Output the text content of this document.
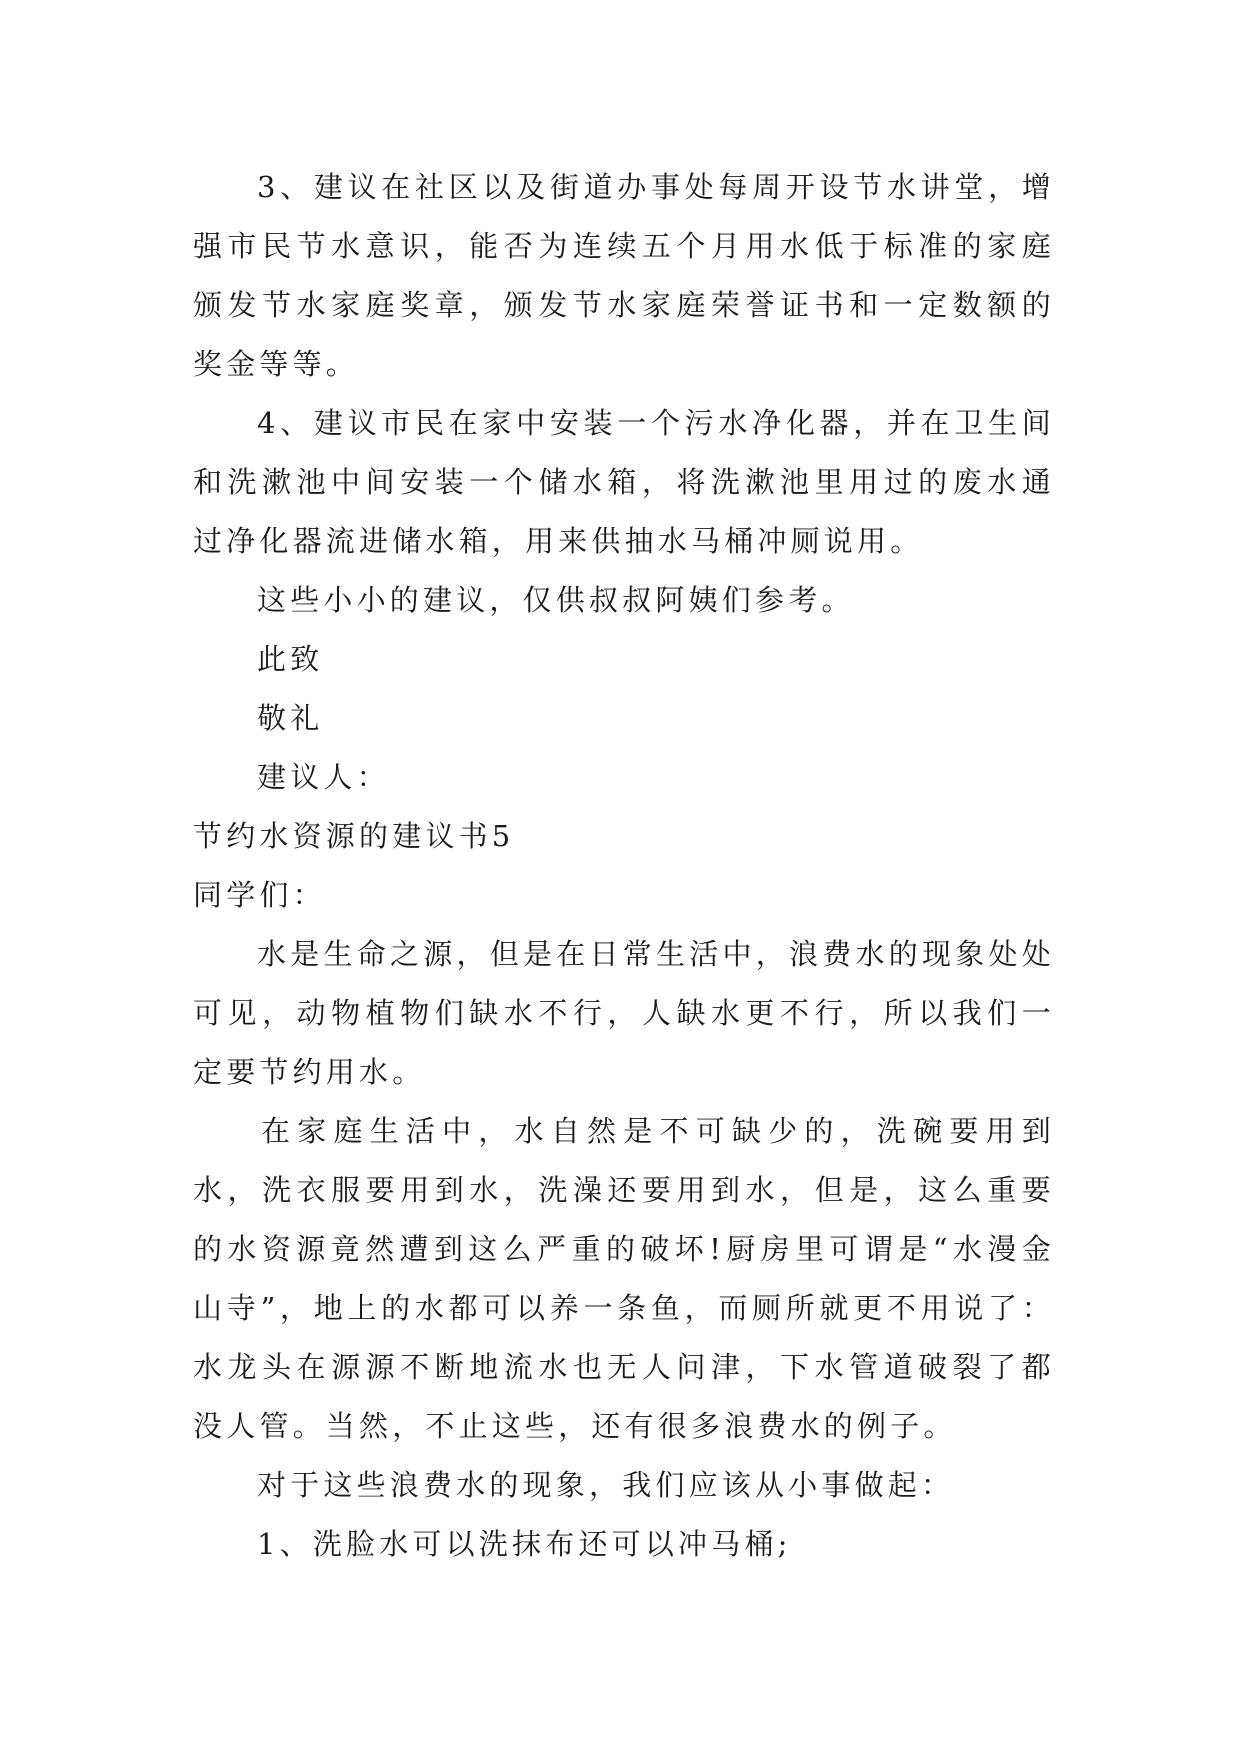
3、建议在社区以及街道办事处每周开设节水讲堂，增强市民节水意识，能否为连续五个月用水低于标准的家庭颁发节水家庭奖章，颁发节水家庭荣誉证书和一定数额的奖金等等。

4、建议市民在家中安装一个污水净化器，并在卫生间和洗漱池中间安装一个储水箱，将洗漱池里用过的废水通过净化器流进储水箱，用来供抽水马桶冲厕说用。

这些小小的建议，仅供叔叔阿姨们参考。

此致

敬礼

建议人：

节约水资源的建议书5

同学们：

水是生命之源，但是在日常生活中，浪费水的现象处处可见，动物植物们缺水不行，人缺水更不行，所以我们一定要节约用水。

在家庭生活中，水自然是不可缺少的，洗碗要用到水，洗衣服要用到水，洗澡还要用到水，但是，这么重要的水资源竟然遭到这么严重的破坏!厨房里可谓是“水漫金山寺”，地上的水都可以养一条鱼，而厕所就更不用说了：水龙头在源源不断地流水也无人问津，下水管道破裂了都没人管。当然，不止这些，还有很多浪费水的例子。

对于这些浪费水的现象，我们应该从小事做起：

1、洗脸水可以洗抹布还可以冲马桶;
